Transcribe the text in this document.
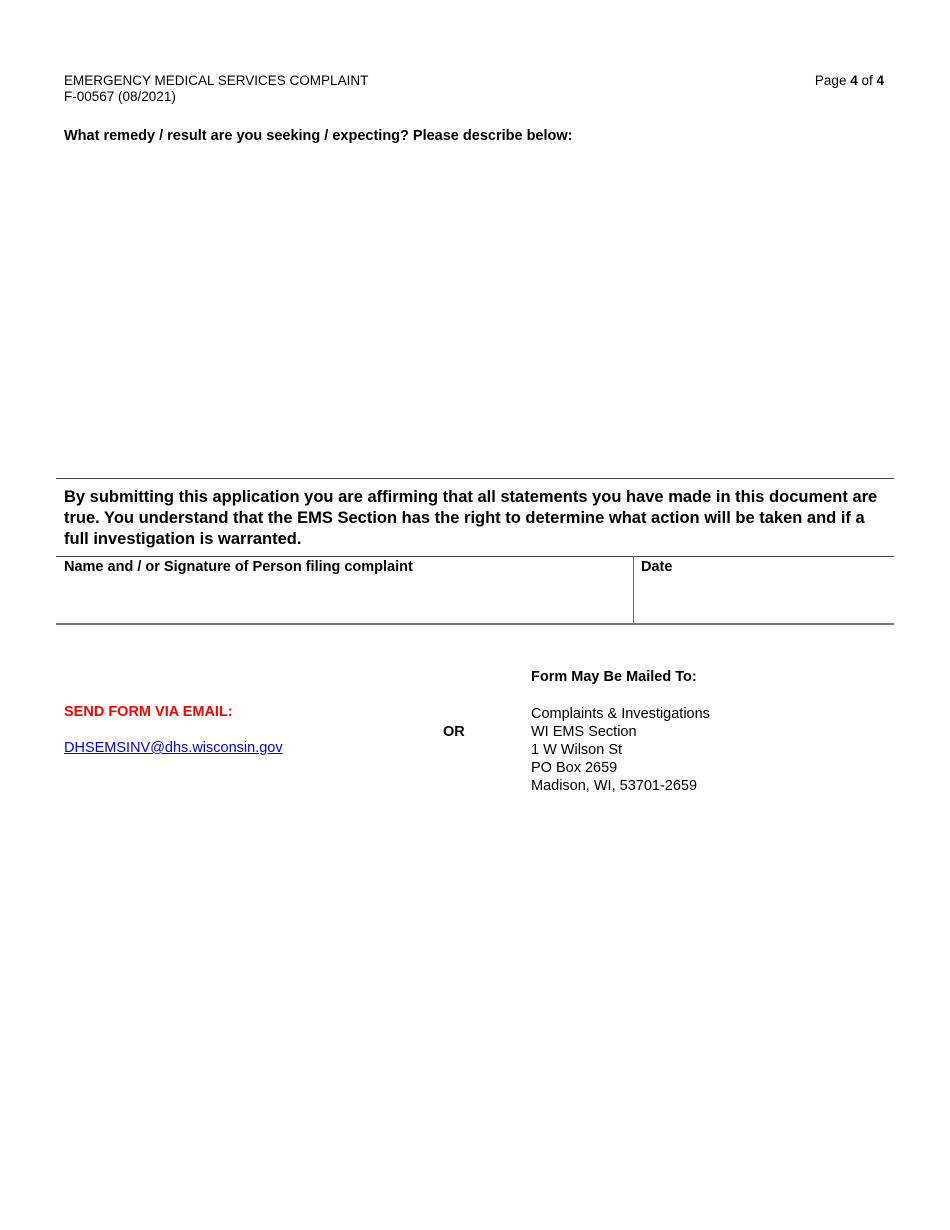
EMERGENCY MEDICAL SERVICES COMPLAINT
F-00567 (08/2021)
Page 4 of 4
What remedy / result are you seeking / expecting? Please describe below:
By submitting this application you are affirming that all statements you have made in this document are true. You understand that the EMS Section has the right to determine what action will be taken and if a full investigation is warranted.
Name and / or Signature of Person filing complaint	Date
Form May Be Mailed To:
SEND FORM VIA EMAIL:
DHSEMSINV@dhs.wisconsin.gov
OR
Complaints & Investigations
WI EMS Section
1 W Wilson St
PO Box 2659
Madison, WI, 53701-2659
